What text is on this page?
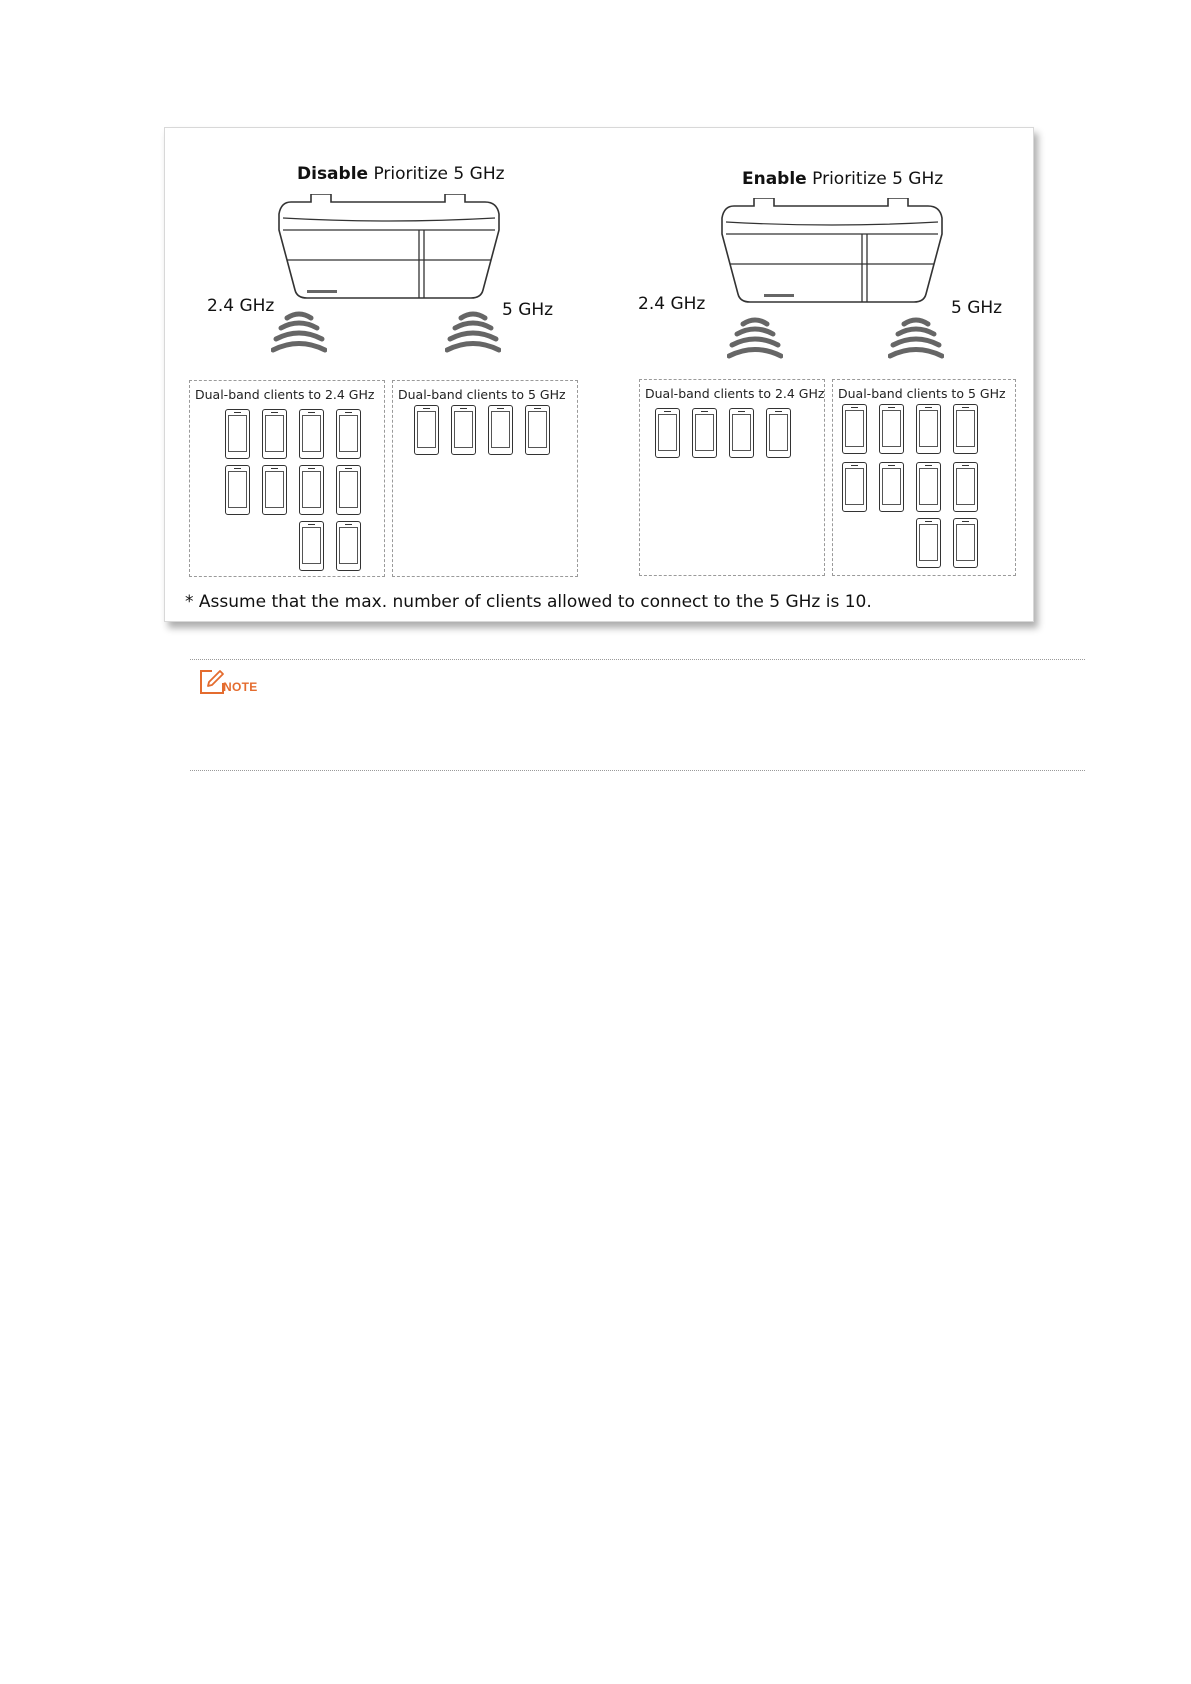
Disable Prioritize 5 GHz
2.4 GHz	5 GHz
Dual-band clients to 2.4 GHz Dual-band clients to 5 GHz
Enable Prioritize 5 GHz
2.4 GHz	5 GHz
Dual-band clients to 2.4 GHz Dual-band clients to 5 GHz
* Assume that the max. number of clients allowed to connect to the 5 GHz is 10.
NOTE
